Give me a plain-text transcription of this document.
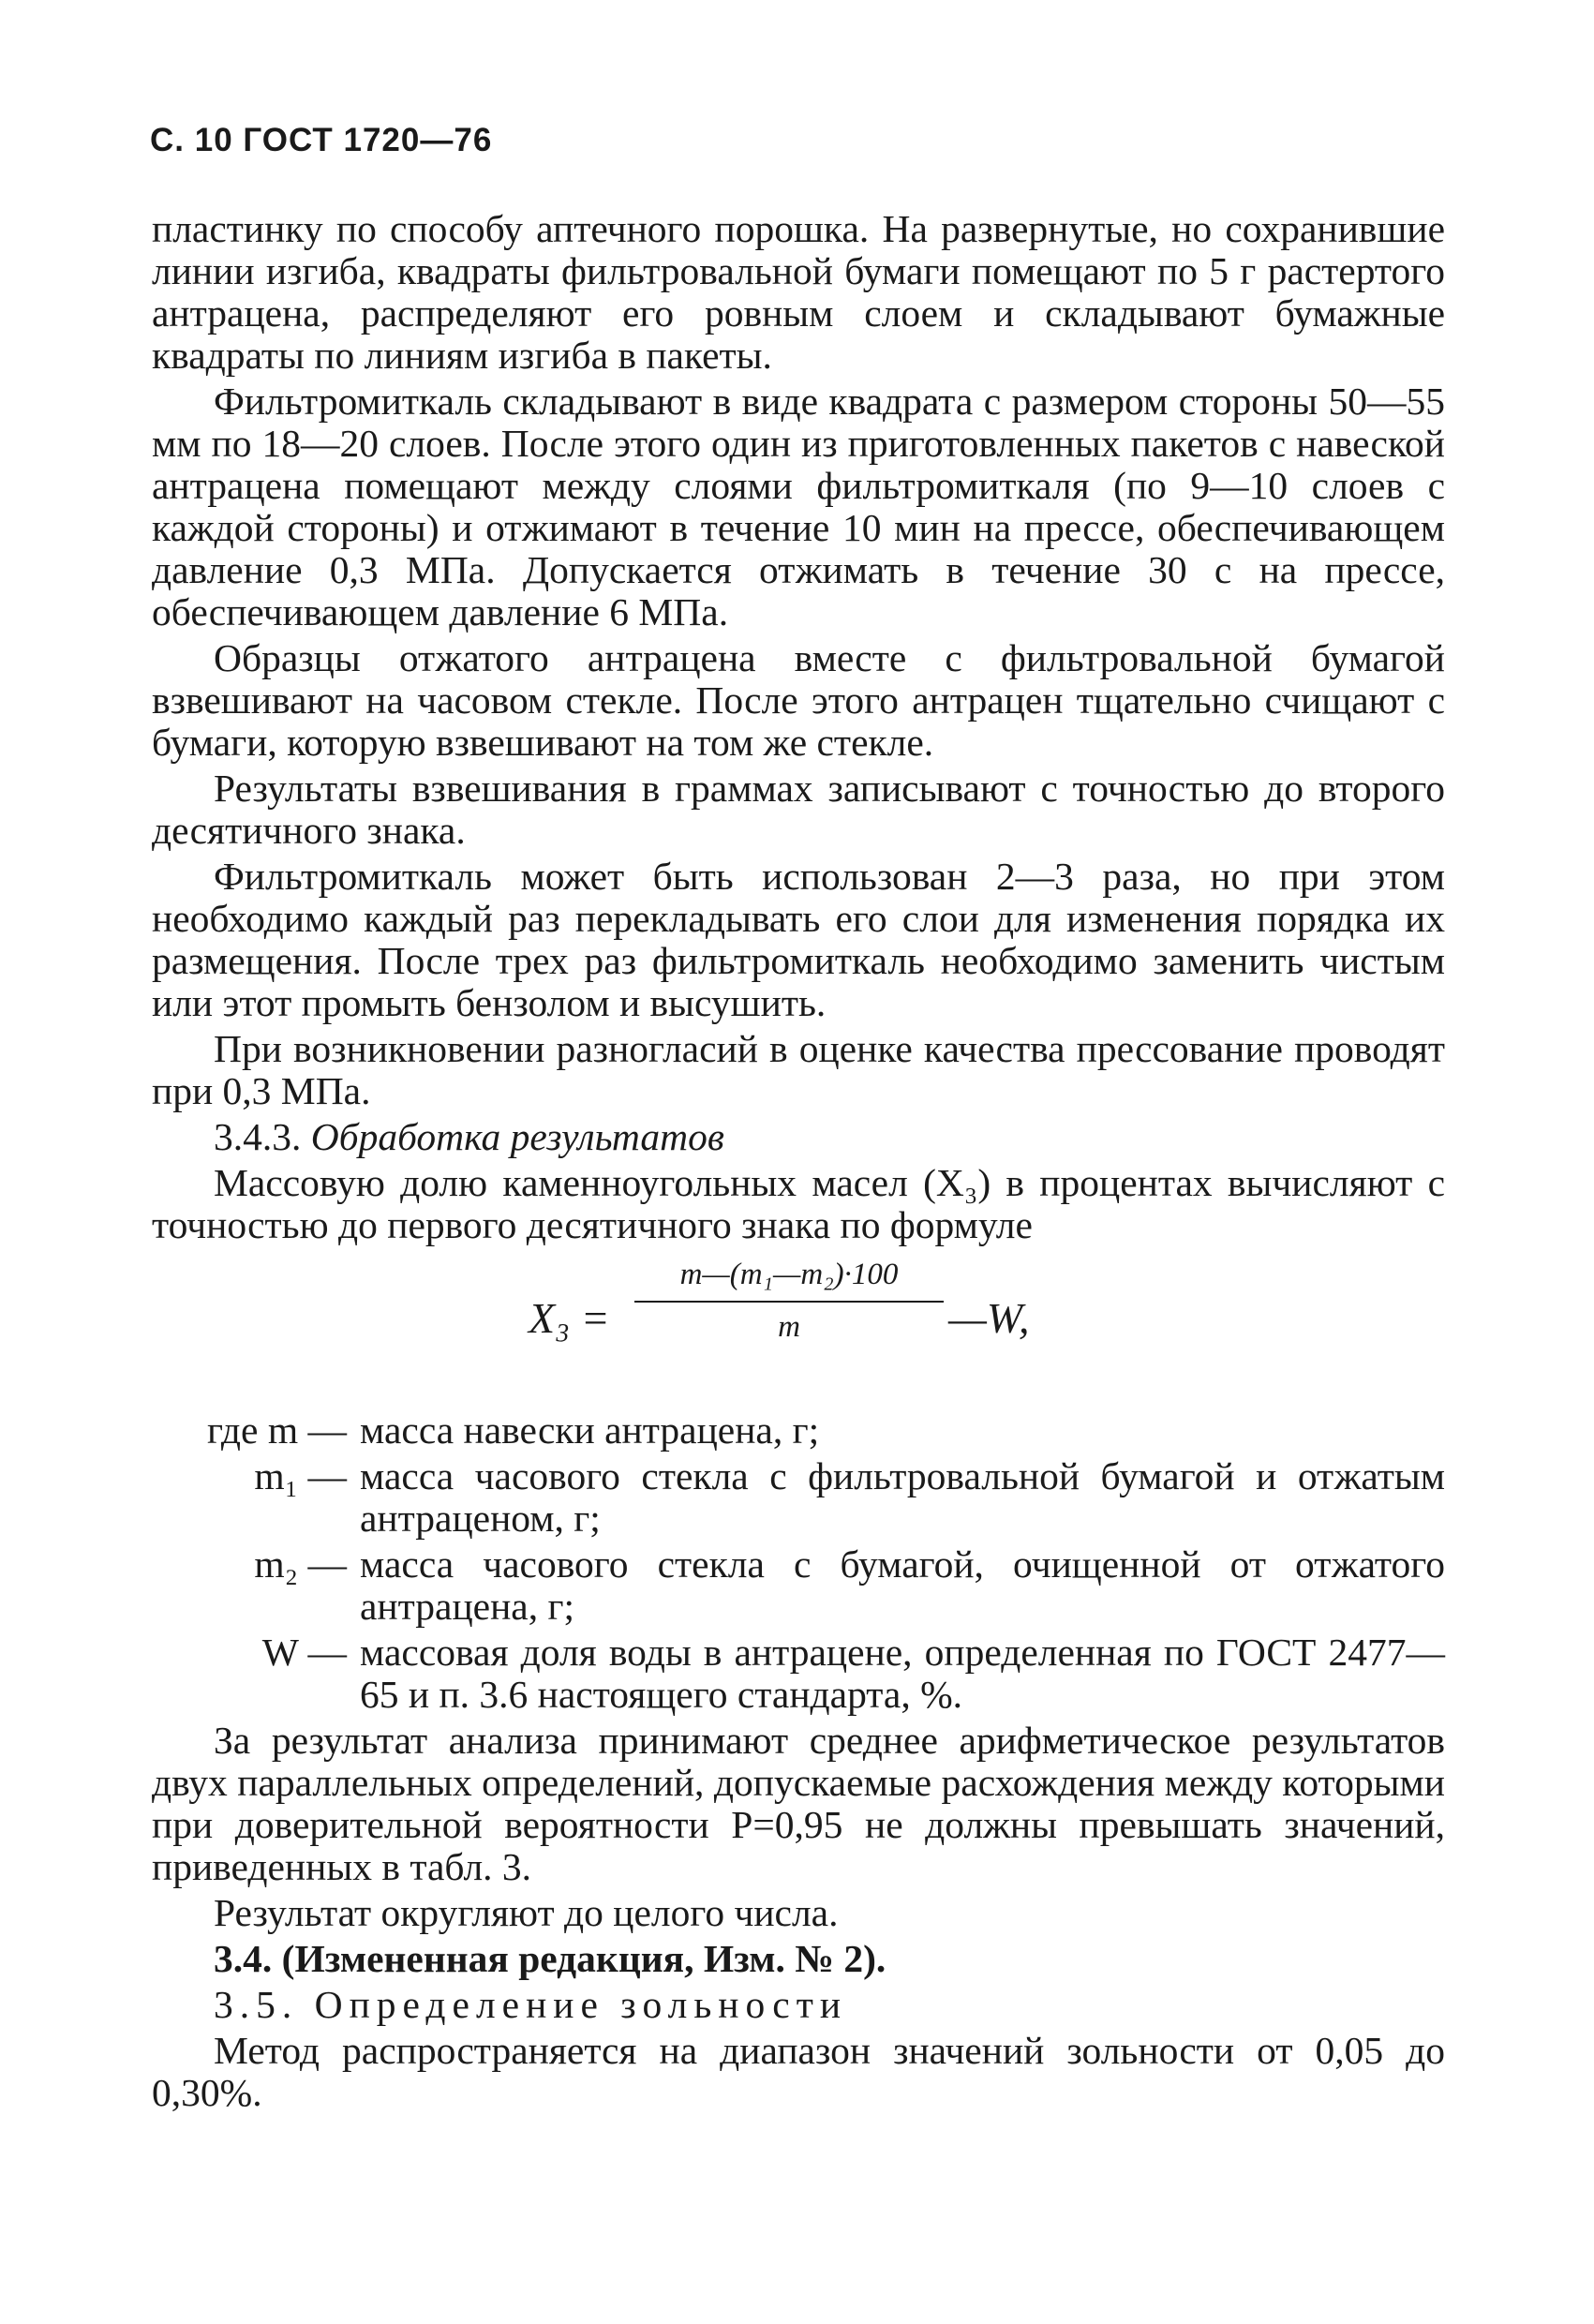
С. 10 ГОСТ 1720—76

пластинку по способу аптечного порошка. На развернутые, но сохранившие линии изгиба, квадраты фильтровальной бумаги помещают по 5 г растертого антрацена, распределяют его ровным слоем и складывают бумажные квадраты по линиям изгиба в пакеты.

Фильтромиткаль складывают в виде квадрата с размером стороны 50—55 мм по 18—20 слоев. После этого один из приготовленных пакетов с навеской антрацена помещают между слоями фильтромиткаля (по 9—10 слоев с каждой стороны) и отжимают в течение 10 мин на прессе, обеспечивающем давление 0,3 МПа. Допускается отжимать в течение 30 с на прессе, обеспечивающем давление 6 МПа.

Образцы отжатого антрацена вместе с фильтровальной бумагой взвешивают на часовом стекле. После этого антрацен тщательно счищают с бумаги, которую взвешивают на том же стекле.

Результаты взвешивания в граммах записывают с точностью до второго десятичного знака.

Фильтромиткаль может быть использован 2—3 раза, но при этом необходимо каждый раз перекладывать его слои для изменения порядка их размещения. После трех раз фильтромиткаль необходимо заменить чистым или этот промыть бензолом и высушить.

При возникновении разногласий в оценке качества прессование проводят при 0,3 МПа.

3.4.3. Обработка результатов

Массовую долю каменноугольных масел (X₃) в процентах вычисляют с точностью до первого десятичного знака по формуле

X₃ =
m—(m₁—m₂)·100
m	—W,
где m — масса навески антрацена, г;
m₁ — масса часового стекла с фильтровальной бумагой и отжатым антраценом, г;
m₂ — масса часового стекла с бумагой, очищенной от отжатого антрацена, г;
W — массовая доля воды в антрацене, определенная по ГОСТ 2477—65 и п. 3.6 настоящего стандарта, %.

За результат анализа принимают среднее арифметическое результатов двух параллельных определений, допускаемые расхождения между которыми при доверительной вероятности P=0,95 не должны превышать значений, приведенных в табл. 3.

Результат округляют до целого числа.

3.4. (Измененная редакция, Изм. № 2).

3.5. Определение зольности

Метод распространяется на диапазон значений зольности от 0,05 до 0,30%.
